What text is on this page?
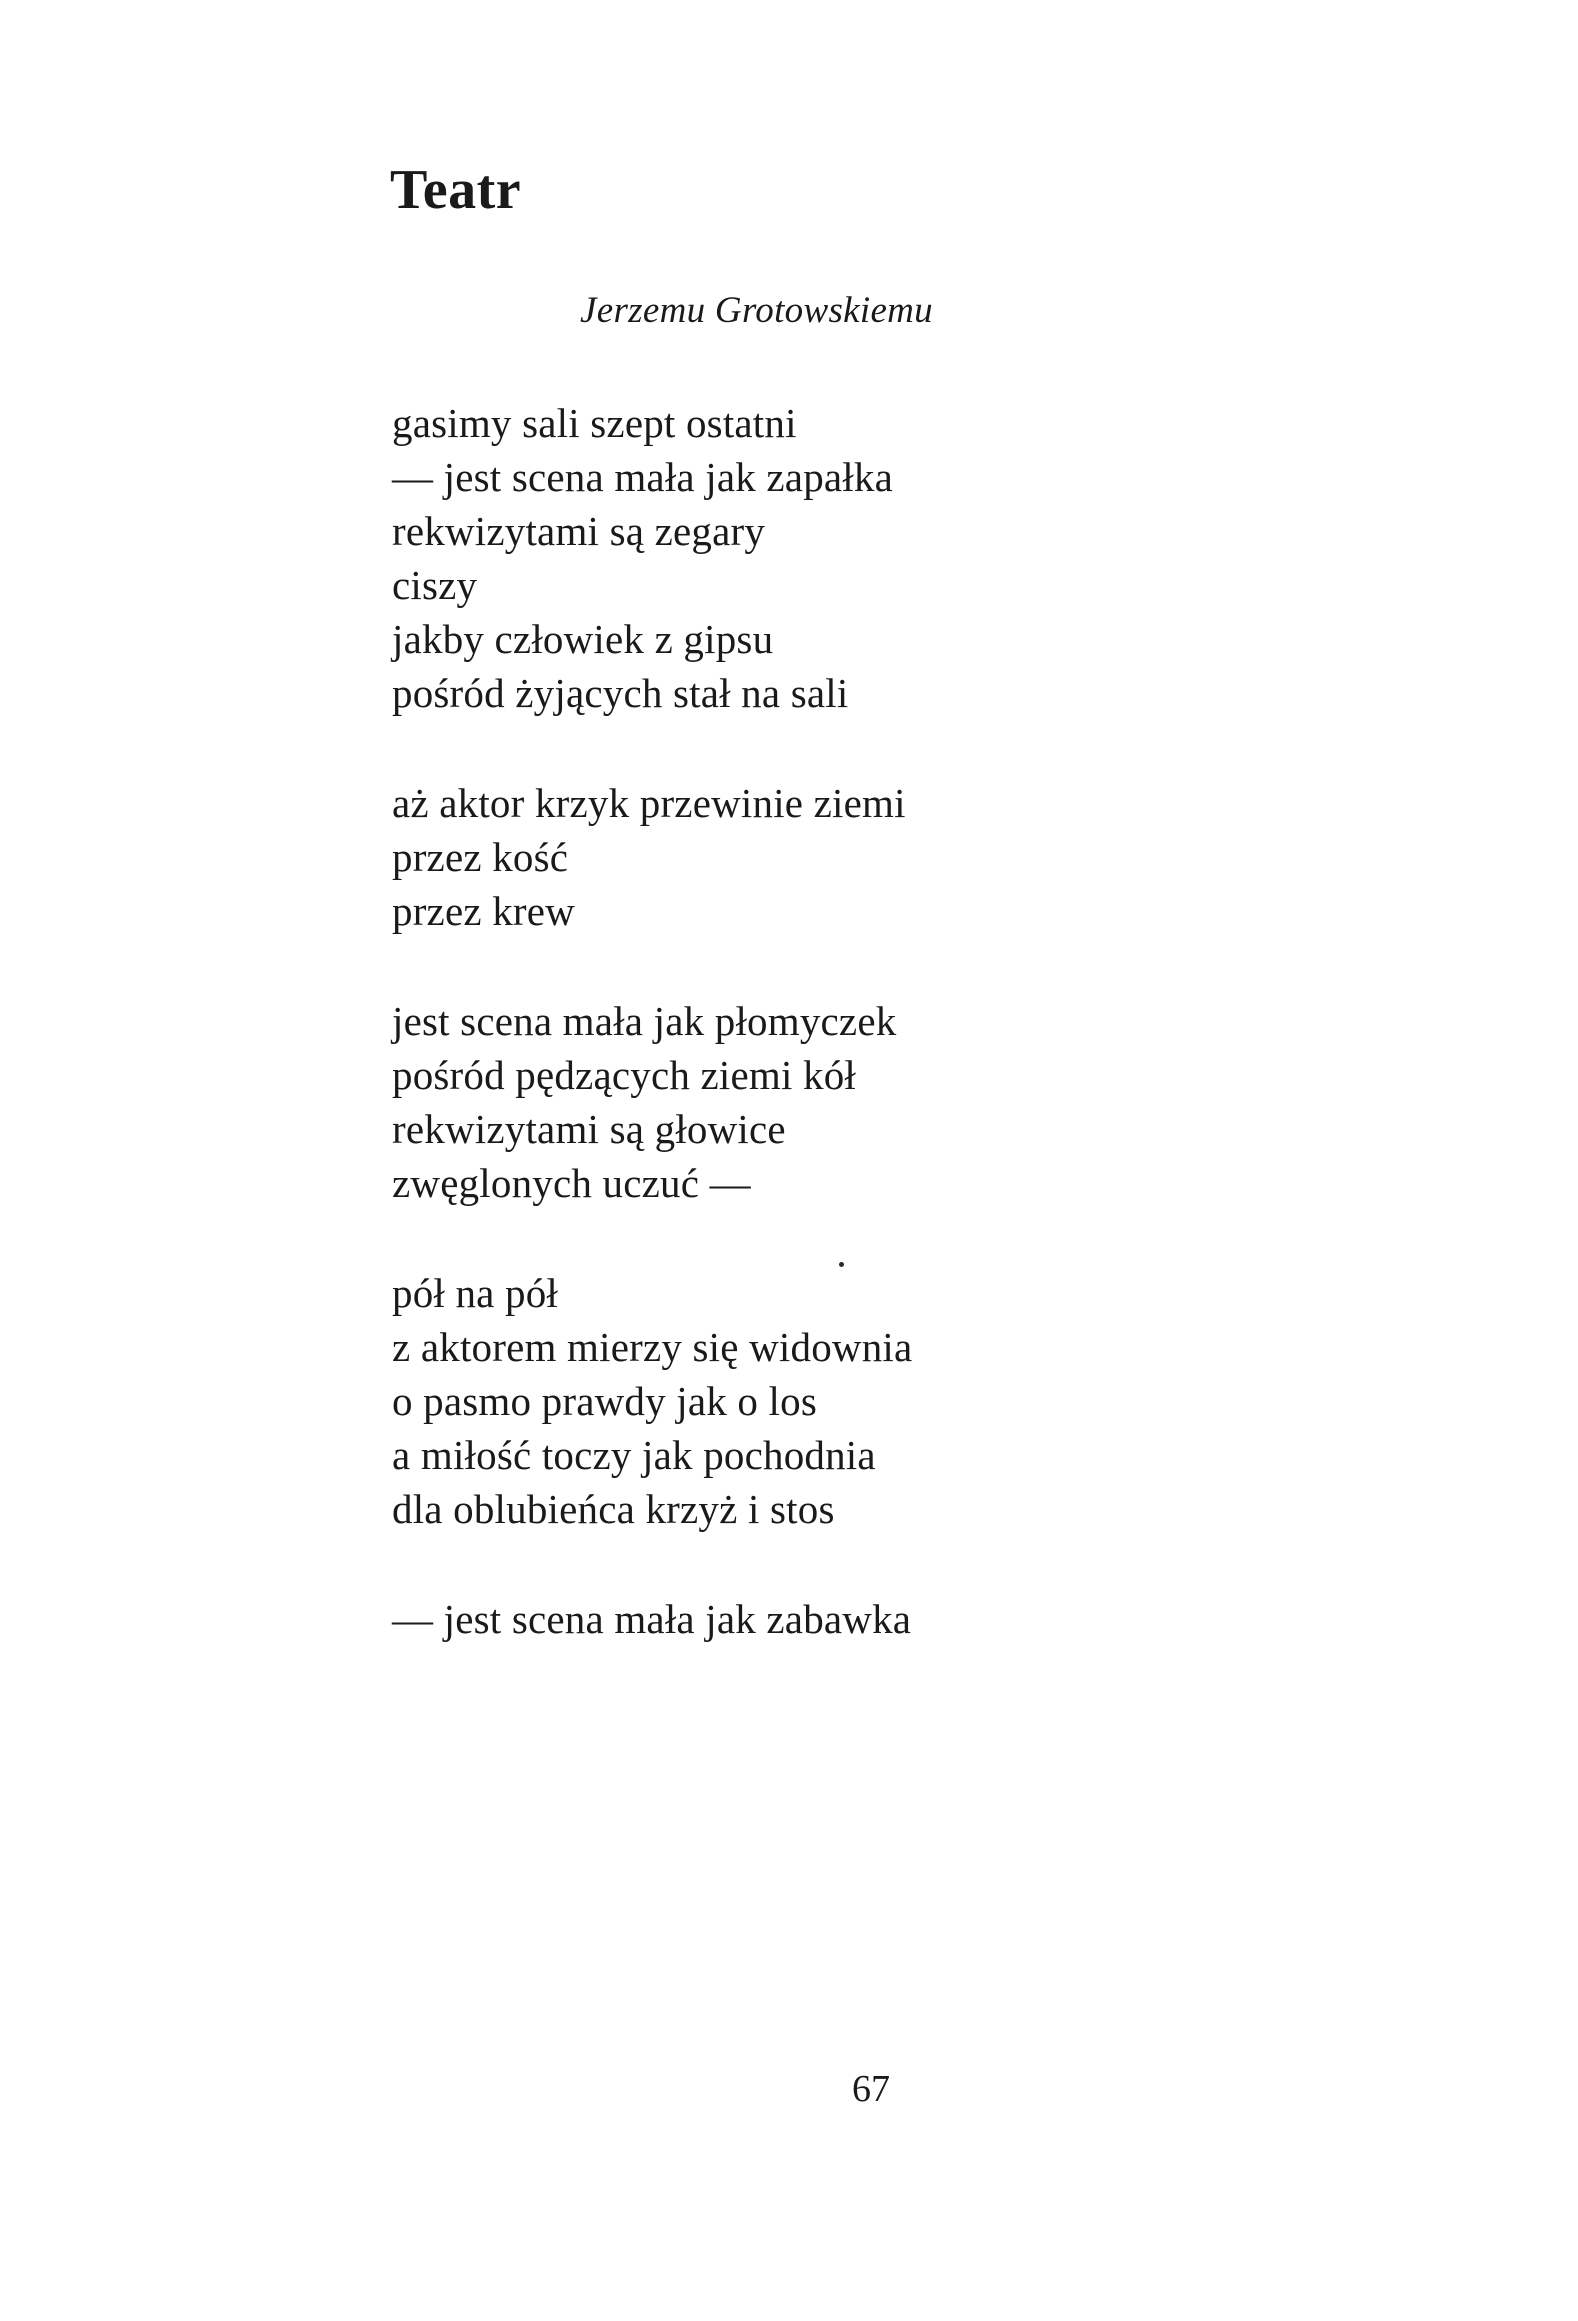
Teatr

Jerzemu Grotowskiemu

gasimy sali szept ostatni
— jest scena mała jak zapałka
rekwizytami są zegary
ciszy
jakby człowiek z gipsu
pośród żyjących stał na sali
aż aktor krzyk przewinie ziemi
przez kość
przez krew
jest scena mała jak płomyczek
pośród pędzących ziemi kół
rekwizytami są głowice
zwęglonych uczuć —
pół na pół
z aktorem mierzy się widownia
o pasmo prawdy jak o los
a miłość toczy jak pochodnia
dla oblubieńca krzyż i stos
— jest scena mała jak zabawka

67
